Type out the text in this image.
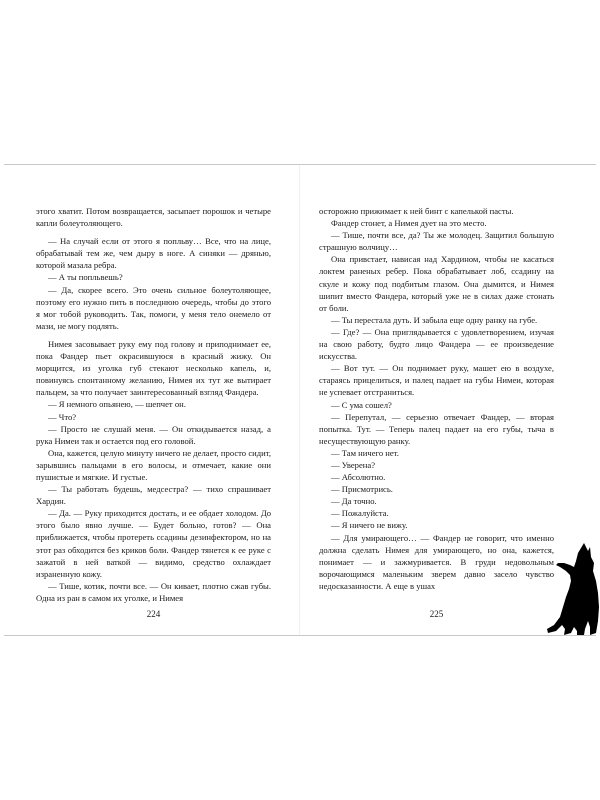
этого хватит. Потом возвращается, засыпает порошок и четыре капли болеутоляющего.

— На случай если от этого я попльву… Все, что на лице, обрабатывай тем же, чем дыру в ноге. А синяки — дрянью, которой мазала ребра.

— А ты попльвешь?

— Да, скорее всего. Это очень сильное болеутоляющее, поэтому его нужно пить в последнюю очередь, чтобы до этого я мог тобой руководить. Так, помоги, у меня тело онемело от мази, не могу подлять.

Нимея засовывает руку ему под голову и приподнимает ее, пока Фандер пьет окрасившуюся в красный жижу. Он морщится, из уголка губ стекают несколько капель, и, повинуясь спонтанному желанию, Нимея их тут же вытирает пальцем, за что получает заинтересованный взгляд Фандера.

— Я немного опьянею, — шепчет он.

— Что?

— Просто не слушай меня. — Он откидывается назад, а рука Нимеи так и остается под его головой.

Она, кажется, целую минуту ничего не делает, просто сидит, зарывшись пальцами в его волосы, и отмечает, какие они пушистые и мягкие. И густые.

— Ты работать будешь, медсестра? — тихо спрашивает Хардин.

— Да. — Руку приходится достать, и ее обдает холодом. До этого было явно лучше. — Будет больно, готов? — Она приближается, чтобы протереть ссадины дезинфектором, но на этот раз обходится без криков боли. Фандер тянется к ее руке с зажатой в ней ваткой — видимо, средство охлаждает израненную кожу.

— Тише, котик, почти все. — Он кивает, плотно сжав губы. Одна из ран в самом их уголке, и Нимея

224

осторожно прижимает к ней бинт с капелькой пасты.

Фандер стонет, а Нимея дует на это место.

— Тише, почти все, да? Ты же молодец. Защитил большую страшную волчицу…

Она привстает, нависая над Хардином, чтобы не касаться локтем раненых ребер. Пока обрабатывает лоб, ссадину на скуле и кожу под подбитым глазом. Она дымится, и Нимея шипит вместо Фандера, который уже не в силах даже стонать от боли.

— Ты перестала дуть. И забыла еще одну ранку на губе.

— Где? — Она приглядывается с удовлетворением, изучая на свою работу, будто лицо Фандера — ее произведение искусства.

— Вот тут. — Он поднимает руку, машет ею в воздухе, стараясь прицелиться, и палец падает на губы Нимеи, которая не успевает отстраниться.

— С ума сошел?

— Перепутал, — серьезно отвечает Фандер, — вторая попытка. Тут. — Теперь палец падает на его губы, тыча в несуществующую ранку.

— Там ничего нет.

— Уверена?

— Абсолютно.

— Присмотрись.

— Да точно.

— Пожалуйста.

— Я ничего не вижу.

— Для умирающего… — Фандер не говорит, что именно должна сделать Нимея для умирающего, но она, кажется, понимает — и зажмуривается. В груди недовольным ворочающимся маленьким зверем давно засело чувство недосказанности. А еще в ушах

225
